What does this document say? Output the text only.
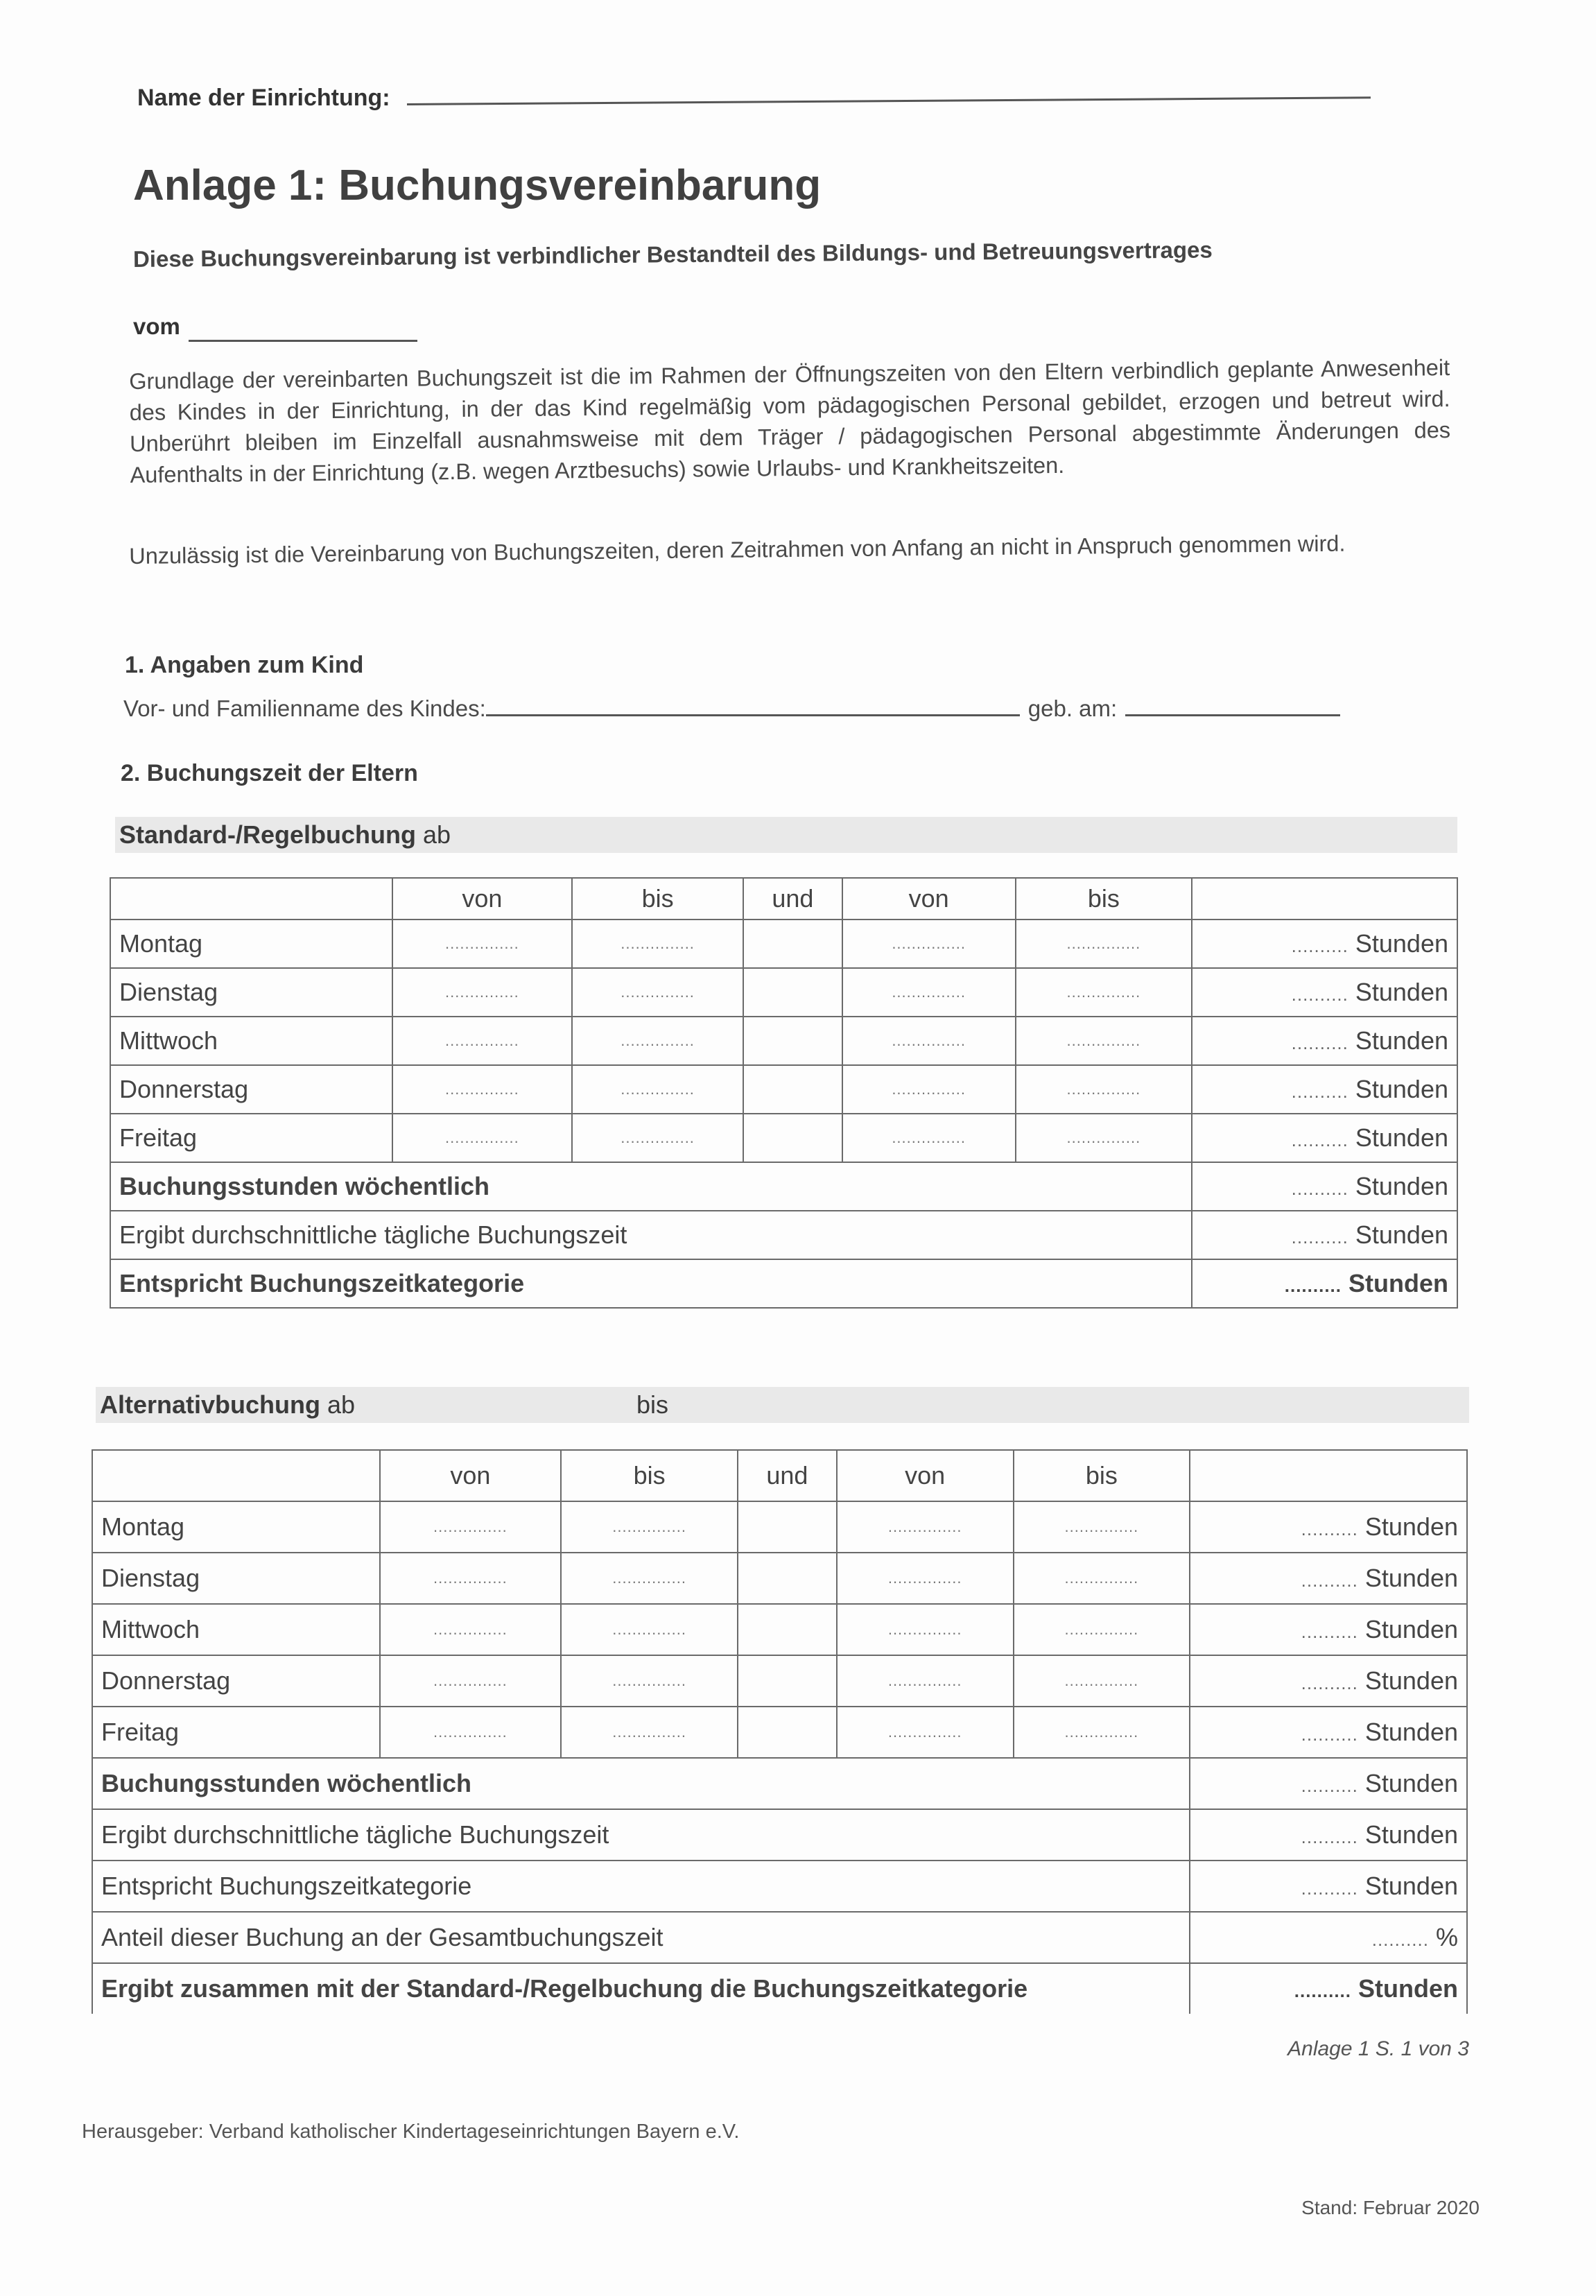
Name der Einrichtung:
Anlage 1: Buchungsvereinbarung
Diese Buchungsvereinbarung ist verbindlicher Bestandteil des Bildungs- und Betreuungsvertrages
vom
Grundlage der vereinbarten Buchungszeit ist die im Rahmen der Öffnungszeiten von den Eltern verbindlich geplante Anwesenheit des Kindes in der Einrichtung, in der das Kind regelmäßig vom pädagogischen Personal gebildet, erzogen und betreut wird. Unberührt bleiben im Einzelfall ausnahmsweise mit dem Träger / pädagogischen Personal abgestimmte Änderungen des Aufenthalts in der Einrichtung (z.B. wegen Arztbesuchs) sowie Urlaubs- und Krankheitszeiten.
Unzulässig ist die Vereinbarung von Buchungszeiten, deren Zeitrahmen von Anfang an nicht in Anspruch genommen wird.
1. Angaben zum Kind
Vor- und Familienname des Kindes:	geb. am:
2. Buchungszeit der Eltern
Standard-/Regelbuchung ab
	von	bis	und	von	bis	
Montag	...............	...............		...............	...............	.......... Stunden
Dienstag	...............	...............		...............	...............	.......... Stunden
Mittwoch	...............	...............		...............	...............	.......... Stunden
Donnerstag	...............	...............		...............	...............	.......... Stunden
Freitag	...............	...............		...............	...............	.......... Stunden
Buchungsstunden wöchentlich						.......... Stunden
Ergibt durchschnittliche tägliche Buchungszeit						.......... Stunden
Entspricht Buchungszeitkategorie						.......... Stunden
Alternativbuchung ab	bis
	von	bis	und	von	bis	
Montag	...............	...............		...............	...............	.......... Stunden
Dienstag	...............	...............		...............	...............	.......... Stunden
Mittwoch	...............	...............		...............	...............	.......... Stunden
Donnerstag	...............	...............		...............	...............	.......... Stunden
Freitag	...............	...............		...............	...............	.......... Stunden
Buchungsstunden wöchentlich						.......... Stunden
Ergibt durchschnittliche tägliche Buchungszeit						.......... Stunden
Entspricht Buchungszeitkategorie						.......... Stunden
Anteil dieser Buchung an der Gesamtbuchungszeit						.......... %
Ergibt zusammen mit der Standard-/Regelbuchung die Buchungszeitkategorie						.......... Stunden
Anlage 1 S. 1 von 3
Herausgeber: Verband katholischer Kindertageseinrichtungen Bayern e.V.
Stand: Februar 2020
